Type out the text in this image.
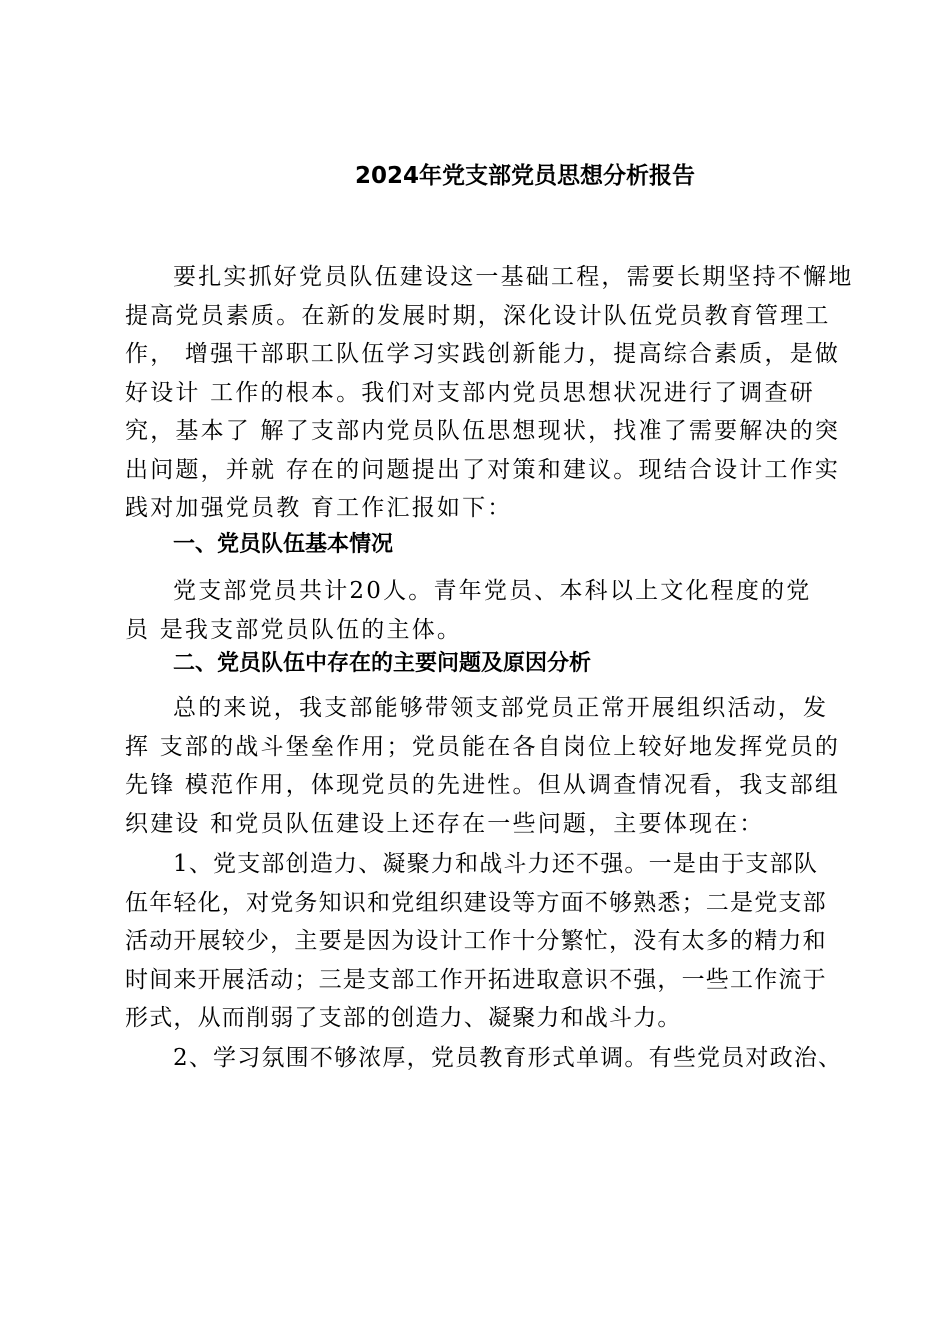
2024年党支部党员思想分析报告
要扎实抓好党员队伍建设这一基础工程，需要长期坚持不懈地
提高党员素质。在新的发展时期，深化设计队伍党员教育管理工
作， 增强干部职工队伍学习实践创新能力，提高综合素质，是做
好设计 工作的根本。我们对支部内党员思想状况进行了调查研
究，基本了 解了支部内党员队伍思想现状，找准了需要解决的突
出问题，并就 存在的问题提出了对策和建议。现结合设计工作实
践对加强党员教 育工作汇报如下：
一、党员队伍基本情况
党支部党员共计20人。青年党员、本科以上文化程度的党
员 是我支部党员队伍的主体。
二、党员队伍中存在的主要问题及原因分析
总的来说，我支部能够带领支部党员正常开展组织活动，发
挥 支部的战斗堡垒作用；党员能在各自岗位上较好地发挥党员的
先锋 模范作用，体现党员的先进性。但从调查情况看，我支部组
织建设 和党员队伍建设上还存在一些问题，主要体现在：
1、党支部创造力、凝聚力和战斗力还不强。一是由于支部队
伍年轻化，对党务知识和党组织建设等方面不够熟悉；二是党支部
活动开展较少，主要是因为设计工作十分繁忙，没有太多的精力和
时间来开展活动；三是支部工作开拓进取意识不强，一些工作流于
形式，从而削弱了支部的创造力、凝聚力和战斗力。
2、学习氛围不够浓厚，党员教育形式单调。有些党员对政治、
